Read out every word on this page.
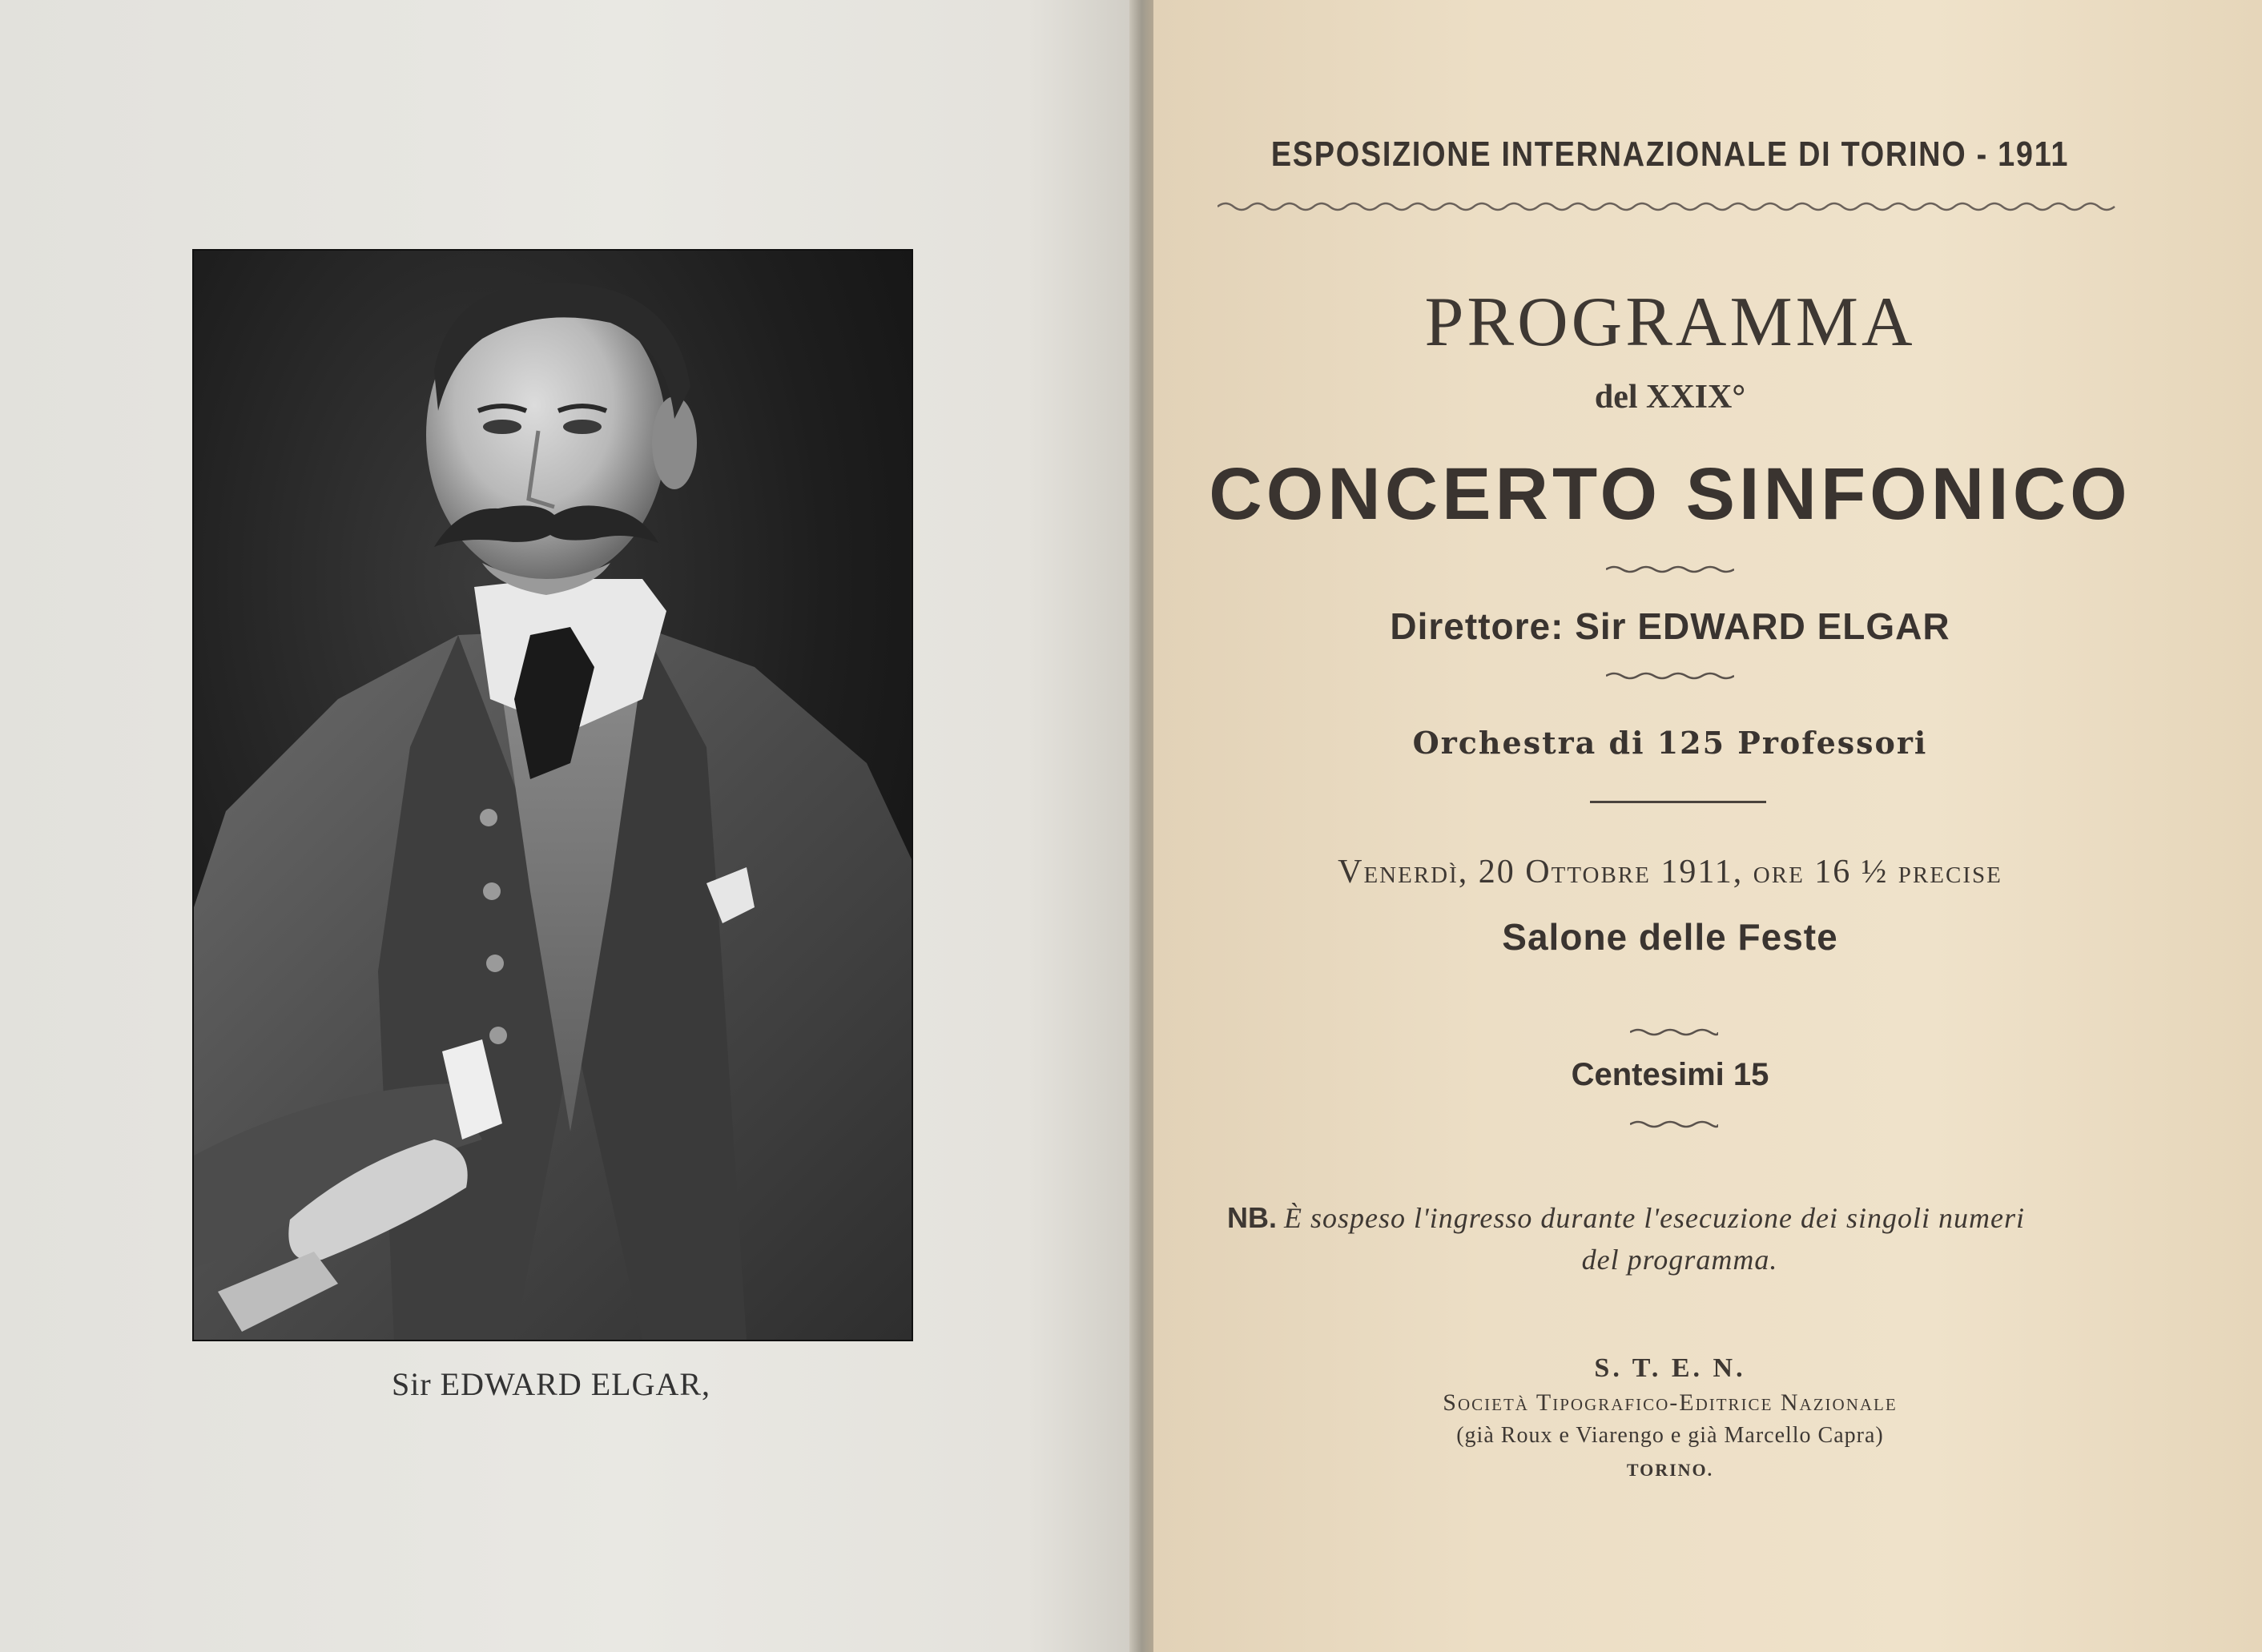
Sir EDWARD ELGAR,
ESPOSIZIONE INTERNAZIONALE DI TORINO - 1911
PROGRAMMA
del XXIX°
CONCERTO SINFONICO
Direttore: Sir EDWARD ELGAR
Orchestra di 125 Professori
Venerdì, 20 Ottobre 1911, ore 16 ½ precise
Salone delle Feste
Centesimi 15
NB. È sospeso l'ingresso durante l'esecuzione dei singoli numeri
del programma.
S. T. E. N.
Società Tipografico-Editrice Nazionale
(già Roux e Viarengo e già Marcello Capra)
TORINO.
